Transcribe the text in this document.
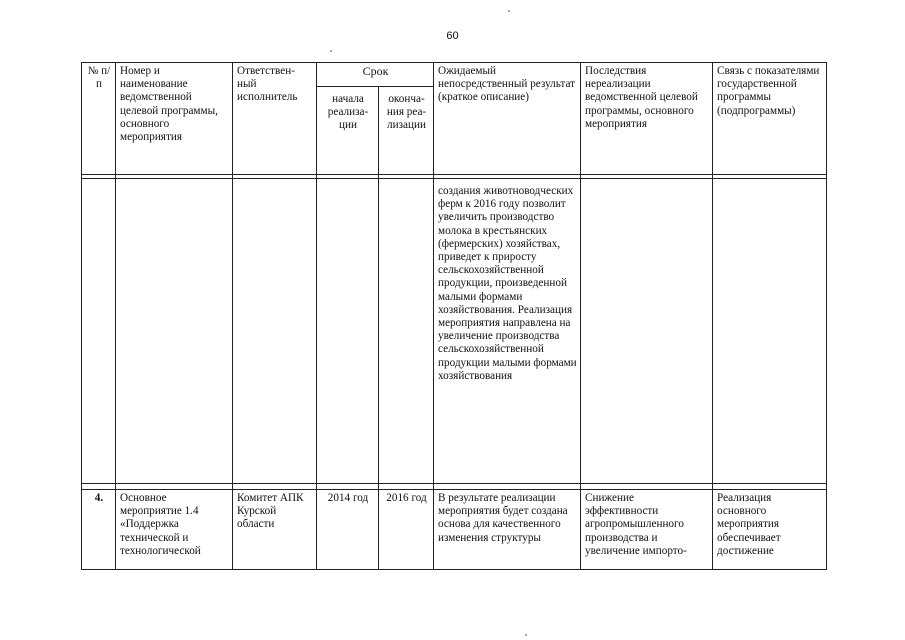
60
№ п/п	Номер и наименование ведомственной целевой программы, основного мероприятия	Ответствен-ный исполнитель	Срок		Ожидаемый непосредственный результат (краткое описание)	Последствия нереализации ведомственной целевой программы, основного мероприятия	Связь с показателями государственной программы (подпрограммы)
			начала реализа-ции	оконча-ния реа-лизации			

					создания животноводческих ферм к 2016 году позволит увеличить производство молока в крестьянских (фермерских) хозяйствах, приведет к приросту сельскохозяйственной продукции, произведенной малыми формами хозяйствования. Реализация мероприятия направлена на увеличение производства сельскохозяйственной продукции малыми формами хозяйствования		

4.	Основное мероприятие 1.4 «Поддержка технической и технологической	Комитет АПК Курской области	2014 год	2016 год	В результате реализации мероприятия будет создана основа для качественного изменения структуры	Снижение эффективности агропромышленного производства и увеличение импорто-	Реализация основного мероприятия обеспечивает достижение
